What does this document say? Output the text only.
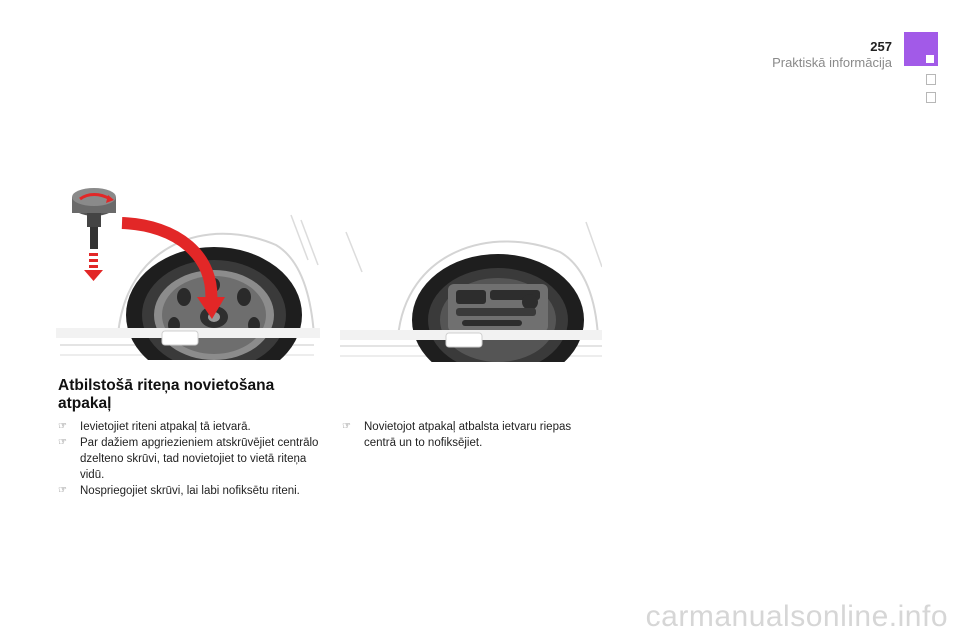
257
Praktiskā informācija
Atbilstošā riteņa novietošana atpakaļ
☞ Ievietojiet riteni atpakaļ tā ietvarā.
☞ Par dažiem apgriezieniem atskrūvējiet centrālo dzelteno skrūvi, tad novietojiet to vietā riteņa vidū.
☞ Nospriegojiet skrūvi, lai labi nofiksētu riteni.
☞ Novietojot atpakaļ atbalsta ietvaru riepas centrā un to nofiksējiet.
carmanualsonline.info
